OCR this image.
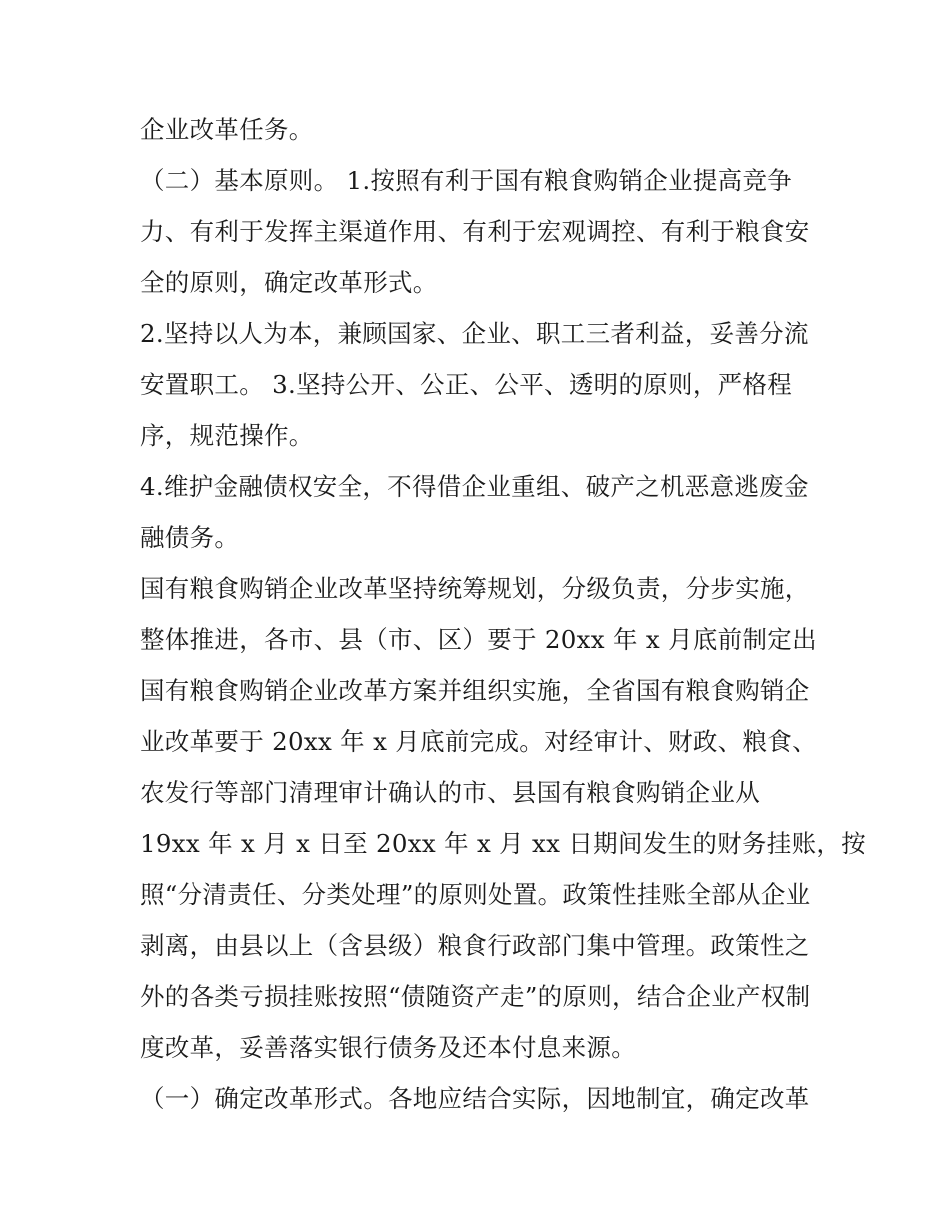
企业改革任务。
（二）基本原则。 1.按照有利于国有粮食购销企业提高竞争
力、有利于发挥主渠道作用、有利于宏观调控、有利于粮食安
全的原则，确定改革形式。
2.坚持以人为本，兼顾国家、企业、职工三者利益，妥善分流
安置职工。 3.坚持公开、公正、公平、透明的原则，严格程
序，规范操作。
4.维护金融债权安全，不得借企业重组、破产之机恶意逃废金
融债务。
国有粮食购销企业改革坚持统筹规划，分级负责，分步实施，
整体推进，各市、县（市、区）要于 20xx 年 x 月底前制定出
国有粮食购销企业改革方案并组织实施，全省国有粮食购销企
业改革要于 20xx 年 x 月底前完成。对经审计、财政、粮食、
农发行等部门清理审计确认的市、县国有粮食购销企业从
19xx 年 x 月 x 日至 20xx 年 x 月 xx 日期间发生的财务挂账，按
照“分清责任、分类处理”的原则处置。政策性挂账全部从企业
剥离，由县以上（含县级）粮食行政部门集中管理。政策性之
外的各类亏损挂账按照“债随资产走”的原则，结合企业产权制
度改革，妥善落实银行债务及还本付息来源。
（一）确定改革形式。各地应结合实际，因地制宜，确定改革
